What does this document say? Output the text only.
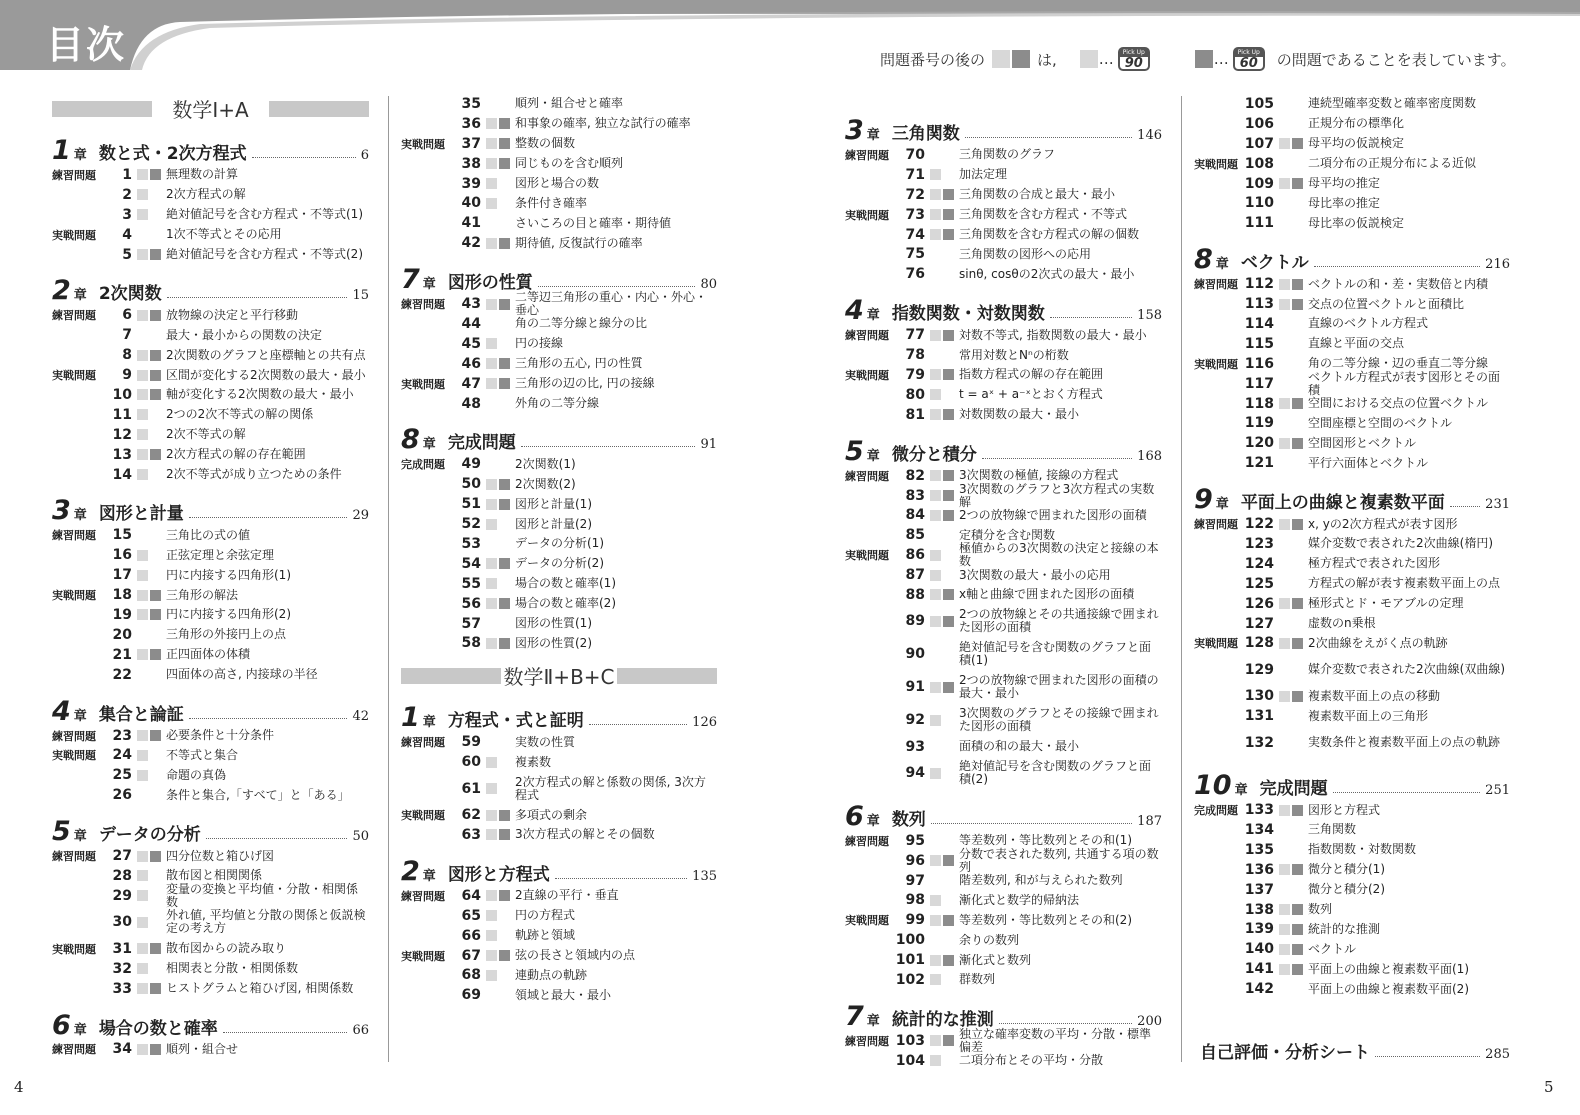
目次	問題番号の後の	は,	…	Pick Up
90	…	Pick Up
60	の問題であることを表しています。
数学Ⅰ+A
1 章 数と式・2次方程式	6
練習問題	1	無理数の計算
2	2次方程式の解
3	絶対値記号を含む方程式・不等式(1)
実戦問題	4	1次不等式とその応用
5	絶対値記号を含む方程式・不等式(2)
2 章 2次関数	15
練習問題	6	放物線の決定と平行移動
7	最大・最小からの関数の決定
8	2次関数のグラフと座標軸との共有点
実戦問題	9	区間が変化する2次関数の最大・最小
10	軸が変化する2次関数の最大・最小
11	2つの2次不等式の解の関係
12	2次不等式の解
13	2次方程式の解の存在範囲
14	2次不等式が成り立つための条件
3 章 図形と計量	29
練習問題	15	三角比の式の値
16	正弦定理と余弦定理
17	円に内接する四角形(1)
実戦問題	18	三角形の解法
19	円に内接する四角形(2)
20	三角形の外接円上の点
21	正四面体の体積
22	四面体の高さ, 内接球の半径
4 章 集合と論証	42
練習問題	23	必要条件と十分条件
実戦問題	24	不等式と集合
25	命題の真偽
26	条件と集合,「すべて」と「ある」
5 章 データの分析	50
練習問題	27	四分位数と箱ひげ図
28	散布図と相関関係
29	変量の変換と平均値・分散・相関係数
30	外れ値, 平均値と分散の関係と仮説検定の考え方
実戦問題	31	散布図からの読み取り
32	相関表と分散・相関係数
33	ヒストグラムと箱ひげ図, 相関係数
6 章 場合の数と確率	66
練習問題	34	順列・組合せ
35	順列・組合せと確率
36	和事象の確率, 独立な試行の確率
実戦問題	37	整数の個数
38	同じものを含む順列
39	図形と場合の数
40	条件付き確率
41	さいころの目と確率・期待値
42	期待値, 反復試行の確率
7 章 図形の性質	80
練習問題	43	二等辺三角形の重心・内心・外心・垂心
44	角の二等分線と線分の比
45	円の接線
46	三角形の五心, 円の性質
実戦問題	47	三角形の辺の比, 円の接線
48	外角の二等分線
8 章 完成問題	91
完成問題	49	2次関数(1)
50	2次関数(2)
51	図形と計量(1)
52	図形と計量(2)
53	データの分析(1)
54	データの分析(2)
55	場合の数と確率(1)
56	場合の数と確率(2)
57	図形の性質(1)
58	図形の性質(2)
数学Ⅱ+B+C
1 章 方程式・式と証明	126
練習問題	59	実数の性質
60	複素数
61	2次方程式の解と係数の関係, 3次方程式
実戦問題	62	多項式の剰余
63	3次方程式の解とその個数
2 章 図形と方程式	135
練習問題	64	2直線の平行・垂直
65	円の方程式
66	軌跡と領域
実戦問題	67	弦の長さと領域内の点
68	連動点の軌跡
69	領域と最大・最小
3 章 三角関数	146
練習問題	70	三角関数のグラフ
71	加法定理
72	三角関数の合成と最大・最小
実戦問題	73	三角関数を含む方程式・不等式
74	三角関数を含む方程式の解の個数
75	三角関数の図形への応用
76	sinθ, cosθの2次式の最大・最小
4 章 指数関数・対数関数	158
練習問題	77	対数不等式, 指数関数の最大・最小
78	常用対数とNⁿの桁数
実戦問題	79	指数方程式の解の存在範囲
80	t = aˣ + a⁻ˣとおく方程式
81	対数関数の最大・最小
5 章 微分と積分	168
練習問題	82	3次関数の極値, 接線の方程式
83	3次関数のグラフと3次方程式の実数解
84	2つの放物線で囲まれた図形の面積
85	定積分を含む関数
実戦問題	86	極値からの3次関数の決定と接線の本数
87	3次関数の最大・最小の応用
88	x軸と曲線で囲まれた図形の面積
89	2つの放物線とその共通接線で囲まれた図形の面積
90	絶対値記号を含む関数のグラフと面積(1)
91	2つの放物線で囲まれた図形の面積の最大・最小
92	3次関数のグラフとその接線で囲まれた図形の面積
93	面積の和の最大・最小
94	絶対値記号を含む関数のグラフと面積(2)
6 章 数列	187
練習問題	95	等差数列・等比数列とその和(1)
96	分数で表された数列, 共通する項の数列
97	階差数列, 和が与えられた数列
98	漸化式と数学的帰納法
実戦問題	99	等差数列・等比数列とその和(2)
100	余りの数列
101	漸化式と数列
102	群数列
7 章 統計的な推測	200
練習問題 103	独立な確率変数の平均・分散・標準偏差
104	二項分布とその平均・分散
105	連続型確率変数と確率密度関数
106	正規分布の標準化
107	母平均の仮説検定
実戦問題 108	二項分布の正規分布による近似
109	母平均の推定
110	母比率の推定
111	母比率の仮説検定
8 章 ベクトル	216
練習問題 112	ベクトルの和・差・実数倍と内積
113	交点の位置ベクトルと面積比
114	直線のベクトル方程式
115	直線と平面の交点
実戦問題 116	角の二等分線・辺の垂直二等分線
117	ベクトル方程式が表す図形とその面積
118	空間における交点の位置ベクトル
119	空間座標と空間のベクトル
120	空間図形とベクトル
121	平行六面体とベクトル
9 章 平面上の曲線と複素数平面	231
練習問題 122	x, yの2次方程式が表す図形
123	媒介変数で表された2次曲線(楕円)
124	極方程式で表された図形
125	方程式の解が表す複素数平面上の点
126	極形式とド・モアブルの定理
127	虚数のn乗根
実戦問題 128	2次曲線をえがく点の軌跡
129	媒介変数で表された2次曲線(双曲線)
130	複素数平面上の点の移動
131	複素数平面上の三角形
132	実数条件と複素数平面上の点の軌跡
10 章 完成問題	251
完成問題 133	図形と方程式
134	三角関数
135	指数関数・対数関数
136	微分と積分(1)
137	微分と積分(2)
138	数列
139	統計的な推測
140	ベクトル
141	平面上の曲線と複素数平面(1)
142	平面上の曲線と複素数平面(2)
自己評価・分析シート	285
4	5
